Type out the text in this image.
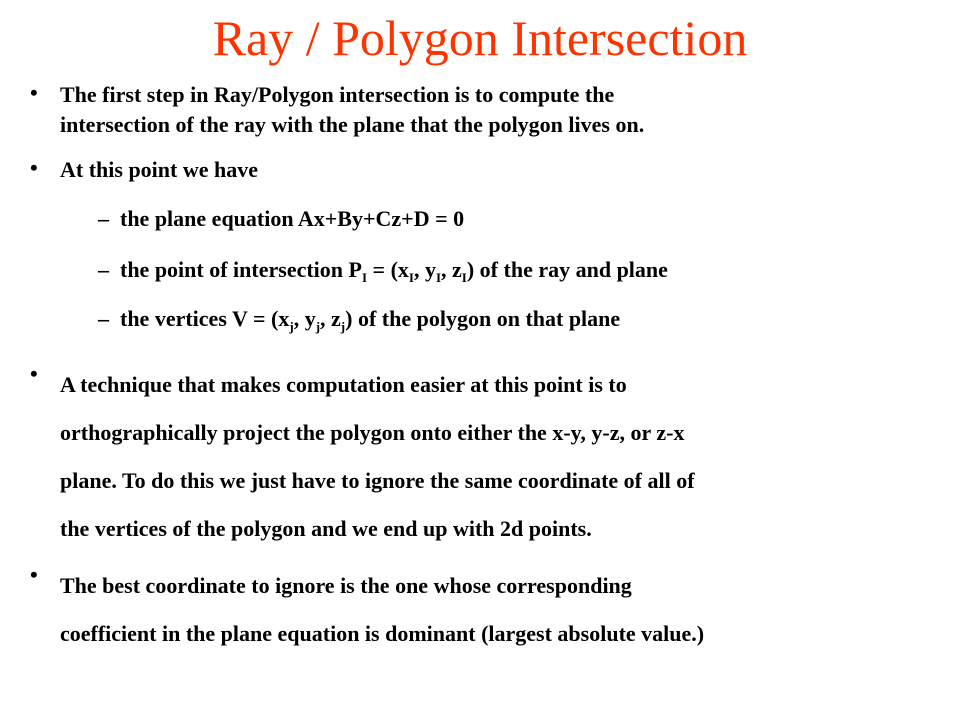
Ray / Polygon Intersection
• The first step in Ray/Polygon intersection is to compute the
intersection of the ray with the plane that the polygon lives on.
• At this point we have
– the plane equation Ax+By+Cz+D = 0
– the point of intersection $P_I = (x_I$, $y_I$, $z_I$) of the ray and plane
– the vertices $V = (x_j$, $y_j$, $z_j$) of the polygon on that plane
• A technique that makes computation easier at this point is to
orthographically project the polygon onto either the x-y, y-z, or z-x
plane. To do this we just have to ignore the same coordinate of all of
the vertices of the polygon and we end up with 2d points.
• The best coordinate to ignore is the one whose corresponding
coefficient in the plane equation is dominant (largest absolute value.)
